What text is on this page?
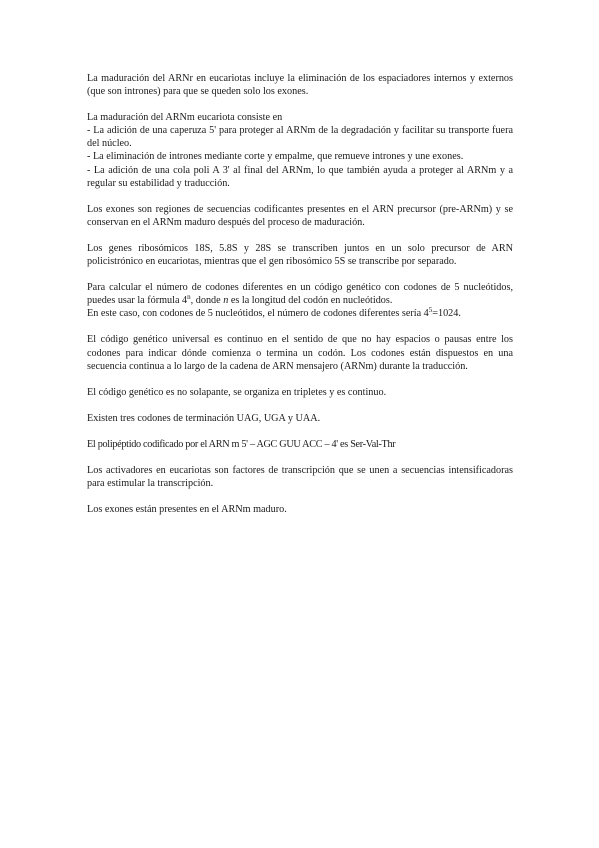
La maduración del ARNr en eucariotas incluye la eliminación de los espaciadores internos y externos (que son intrones) para que se queden solo los exones.

La maduración del ARNm eucariota consiste en
- La adición de una caperuza 5' para proteger al ARNm de la degradación y facilitar su transporte fuera del núcleo.
- La eliminación de intrones mediante corte y empalme, que remueve intrones y une exones.
- La adición de una cola poli A 3' al final del ARNm, lo que también ayuda a proteger al ARNm y a regular su estabilidad y traducción.

Los exones son regiones de secuencias codificantes presentes en el ARN precursor (pre-ARNm) y se conservan en el ARNm maduro después del proceso de maduración.

Los genes ribosómicos 18S, 5.8S y 28S se transcriben juntos en un solo precursor de ARN policistrónico en eucariotas, mientras que el gen ribosómico 5S se transcribe por separado.

Para calcular el número de codones diferentes en un código genético con codones de 5 nucleótidos, puedes usar la fórmula 4$^n$, donde n es la longitud del codón en nucleótidos.
En este caso, con codones de 5 nucleótidos, el número de codones diferentes sería $4^5=1024$.

El código genético universal es continuo en el sentido de que no hay espacios o pausas entre los codones para indicar dónde comienza o termina un codón. Los codones están dispuestos en una secuencia continua a lo largo de la cadena de ARN mensajero (ARNm) durante la traducción.

El código genético es no solapante, se organiza en tripletes y es continuo.

Existen tres codones de terminación UAG, UGA y UAA.

El polipéptido codificado por el ARN m 5' – AGC GUU ACC – 4' es Ser-Val-Thr

Los activadores en eucariotas son factores de transcripción que se unen a secuencias intensificadoras para estimular la transcripción.

Los exones están presentes en el ARNm maduro.
